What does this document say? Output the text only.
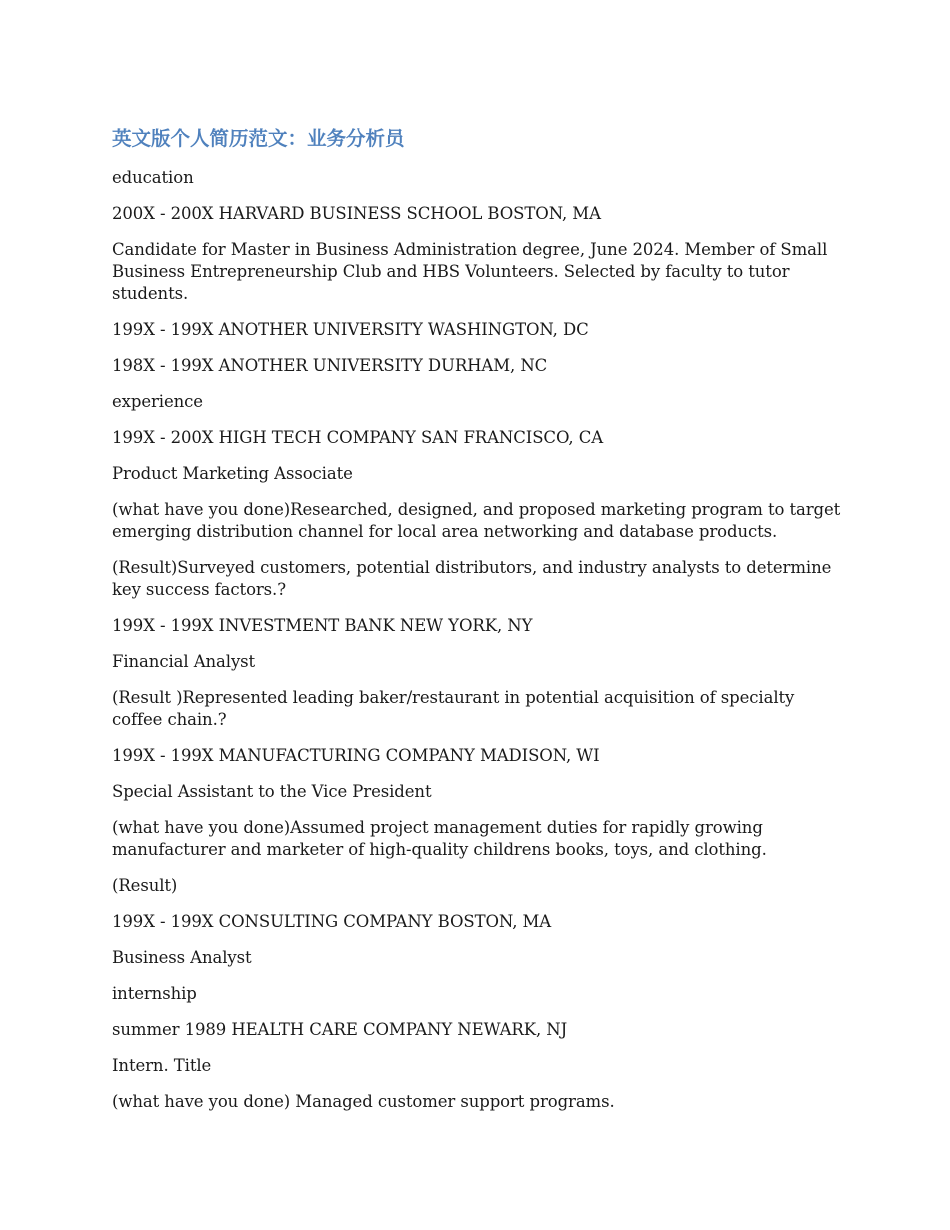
英文版个人简历范文：业务分析员

education

200X - 200X HARVARD BUSINESS SCHOOL BOSTON, MA

Candidate for Master in Business Administration degree, June 2024. Member of Small Business Entrepreneurship Club and HBS Volunteers. Selected by faculty to tutor students.

199X - 199X ANOTHER UNIVERSITY WASHINGTON, DC

198X - 199X ANOTHER UNIVERSITY DURHAM, NC

experience

199X - 200X HIGH TECH COMPANY SAN FRANCISCO, CA

Product Marketing Associate

(what have you done)Researched, designed, and proposed marketing program to target emerging distribution channel for local area networking and database products.

(Result)Surveyed customers, potential distributors, and industry analysts to determine key success factors.?

199X - 199X INVESTMENT BANK NEW YORK, NY

Financial Analyst

(Result )Represented leading baker/restaurant in potential acquisition of specialty coffee chain.?

199X - 199X MANUFACTURING COMPANY MADISON, WI

Special Assistant to the Vice President

(what have you done)Assumed project management duties for rapidly growing manufacturer and marketer of high-quality childrens books, toys, and clothing.

(Result)

199X - 199X CONSULTING COMPANY BOSTON, MA

Business Analyst

internship

summer 1989 HEALTH CARE COMPANY NEWARK, NJ

Intern. Title

(what have you done) Managed customer support programs.
